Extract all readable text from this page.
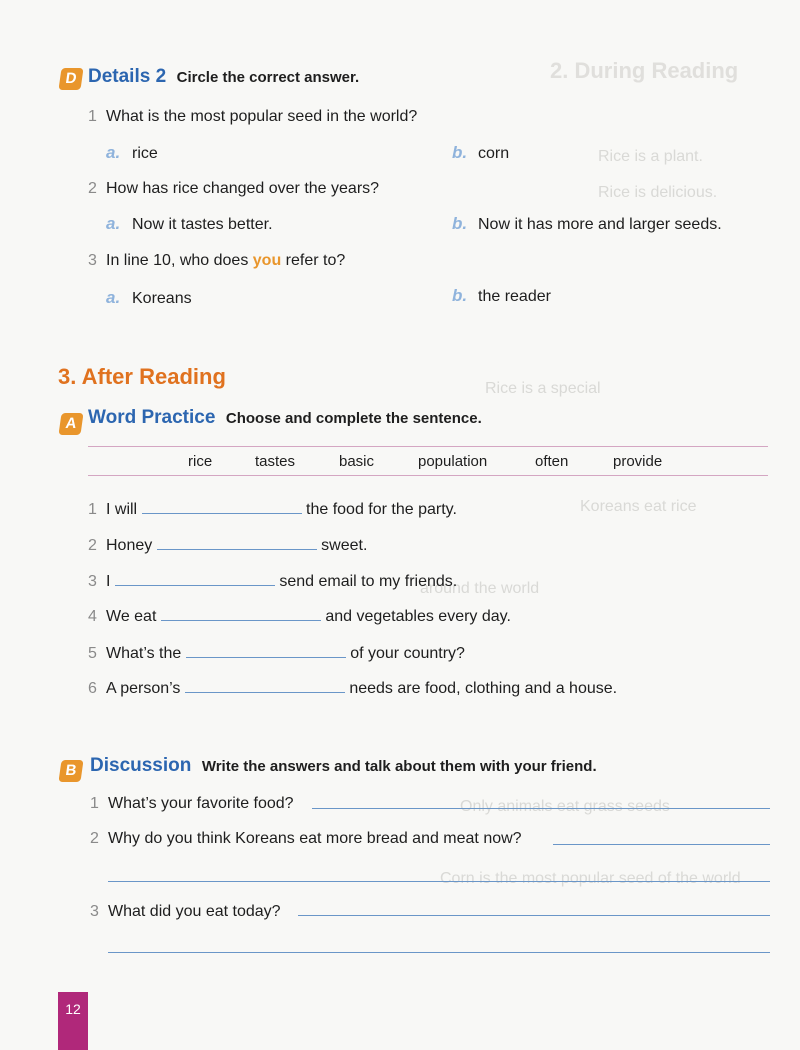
2. During Reading
Rice is a plant.
Rice is delicious.
Rice is a special
Koreans eat rice
around the world
Only animals eat grass seeds
Corn is the most popular seed of the world
D Details 2 Circle the correct answer.
1 What is the most popular seed in the world?
a. rice	b. corn
2 How has rice changed over the years?
a. Now it tastes better.	b. Now it has more and larger seeds.
3 In line 10, who does you refer to?
a. Koreans	b. the reader
3. After Reading
A Word Practice Choose and complete the sentence.
rice	tastes	basic	population	often	provide
1 I will	the food for the party.
2 Honey	sweet.
3 I	send email to my friends.
4 We eat	and vegetables every day.
5 What’s the	of your country?
6 A person’s	needs are food, clothing and a house.
B Discussion Write the answers and talk about them with your friend.
1 What’s your favorite food?
2 Why do you think Koreans eat more bread and meat now?
3 What did you eat today?
12
